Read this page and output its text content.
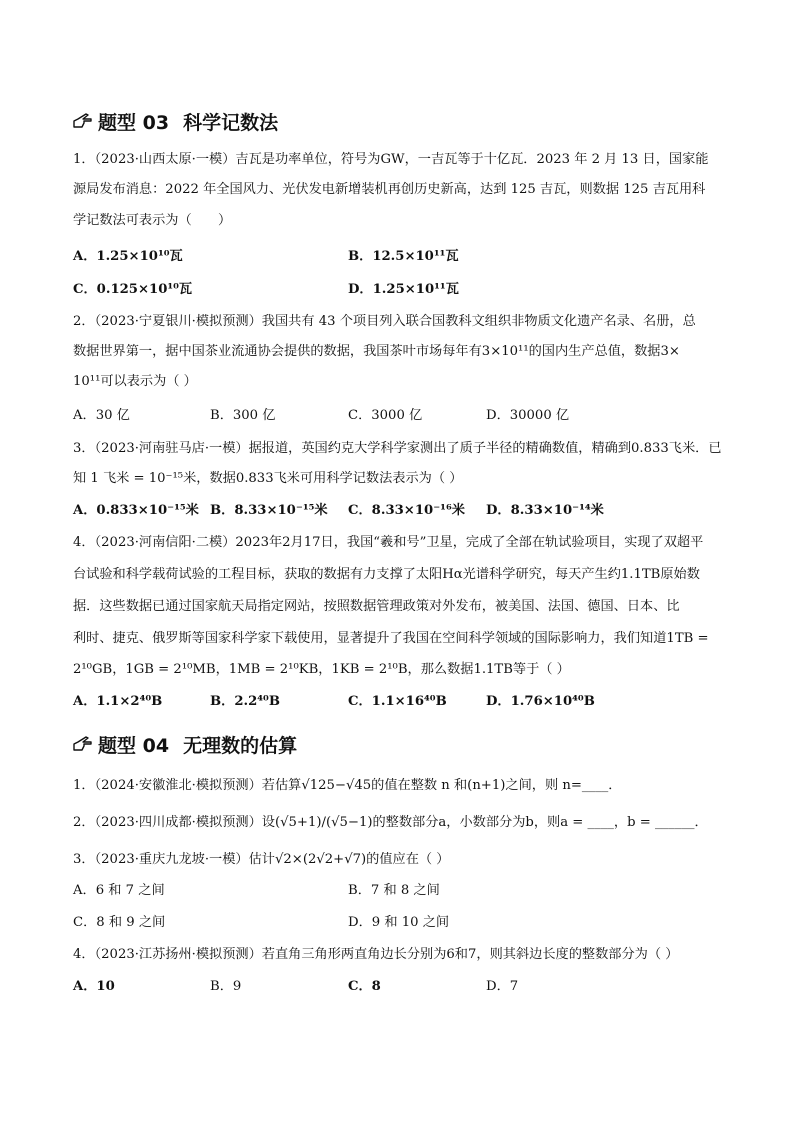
题型 03 科学记数法
1．（2023·山西太原·一模）吉瓦是功率单位，符号为GW，一吉瓦等于十亿瓦．2023 年 2 月 13 日，国家能
源局发布消息：2022 年全国风力、光伏发电新增装机再创历史新高，达到 125 吉瓦，则数据 125 吉瓦用科
学记数法可表示为（　　）
A．1.25×10¹⁰瓦	B．12.5×10¹¹瓦
C．0.125×10¹⁰瓦	D．1.25×10¹¹瓦
2．（2023·宁夏银川·模拟预测）我国共有 43 个项目列入联合国教科文组织非物质文化遗产名录、名册，总
数据世界第一，据中国茶业流通协会提供的数据，我国茶叶市场每年有3×10¹¹的国内生产总值，数据3×
10¹¹可以表示为（ ）
A．30 亿	B．300 亿	C．3000 亿	D．30000 亿
3．（2023·河南驻马店·一模）据报道，英国约克大学科学家测出了质子半径的精确数值，精确到0.833飞米．已
知 1 飞米 = 10⁻¹⁵米，数据0.833飞米可用科学记数法表示为（ ）
A．0.833×10⁻¹⁵米 B．8.33×10⁻¹⁵米 C．8.33×10⁻¹⁶米 D．8.33×10⁻¹⁴米
4．（2023·河南信阳·二模）2023年2月17日，我国“羲和号”卫星，完成了全部在轨试验项目，实现了双超平
台试验和科学载荷试验的工程目标，获取的数据有力支撑了太阳Hα光谱科学研究，每天产生约1.1TB原始数
据．这些数据已通过国家航天局指定网站，按照数据管理政策对外发布，被美国、法国、德国、日本、比
利时、捷克、俄罗斯等国家科学家下载使用，显著提升了我国在空间科学领域的国际影响力，我们知道1TB =
2¹⁰GB，1GB = 2¹⁰MB，1MB = 2¹⁰KB，1KB = 2¹⁰B，那么数据1.1TB等于（ ）
A．1.1×2⁴⁰B	B．2.2⁴⁰B	C．1.1×16⁴⁰B	D．1.76×10⁴⁰B
题型 04 无理数的估算
1．（2024·安徽淮北·模拟预测）若估算√125−√45的值在整数 n 和(n+1)之间，则 n=____．
2．（2023·四川成都·模拟预测）设(√5+1)/(√5−1)的整数部分a，小数部分为b，则a = ____，b = ______．
3．（2023·重庆九龙坡·一模）估计√2×(2√2+√7)的值应在（ ）
A．6 和 7 之间	B．7 和 8 之间
C．8 和 9 之间	D．9 和 10 之间
4．（2023·江苏扬州·模拟预测）若直角三角形两直角边长分别为6和7，则其斜边长度的整数部分为（ ）
A．10	B．9	C．8	D．7
